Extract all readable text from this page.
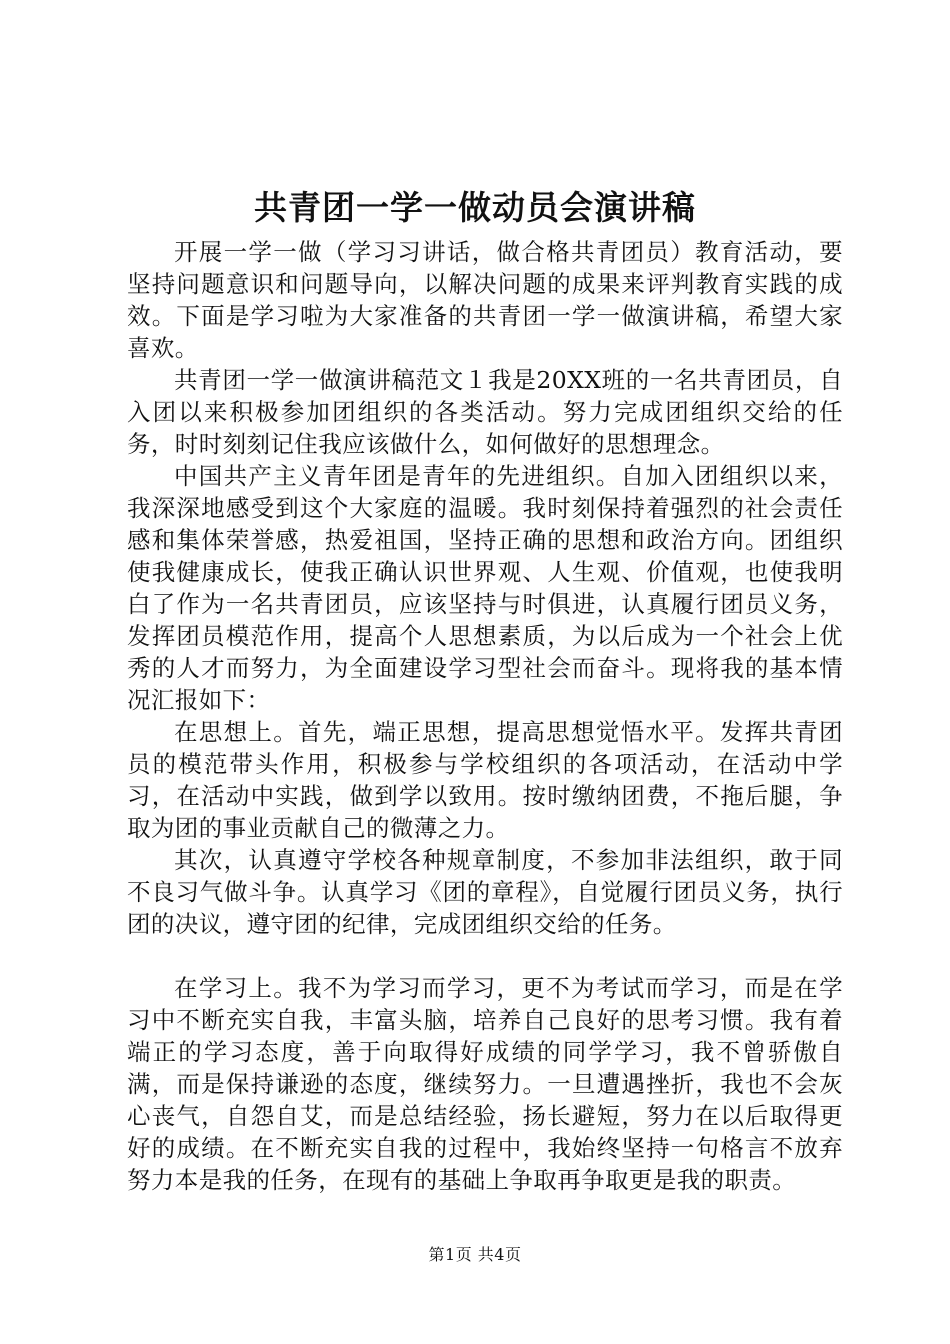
共青团一学一做动员会演讲稿

开展一学一做（学习习讲话，做合格共青团员）教育活动，要坚持问题意识和问题导向，以解决问题的成果来评判教育实践的成效。下面是学习啦为大家准备的共青团一学一做演讲稿，希望大家喜欢。

共青团一学一做演讲稿范文１我是20XX班的一名共青团员，自入团以来积极参加团组织的各类活动。努力完成团组织交给的任务，时时刻刻记住我应该做什么，如何做好的思想理念。

中国共产主义青年团是青年的先进组织。自加入团组织以来，我深深地感受到这个大家庭的温暖。我时刻保持着强烈的社会责任感和集体荣誉感，热爱祖国，坚持正确的思想和政治方向。团组织使我健康成长，使我正确认识世界观、人生观、价值观，也使我明白了作为一名共青团员，应该坚持与时俱进，认真履行团员义务，发挥团员模范作用，提高个人思想素质，为以后成为一个社会上优秀的人才而努力，为全面建设学习型社会而奋斗。现将我的基本情况汇报如下：

在思想上。首先，端正思想，提高思想觉悟水平。发挥共青团员的模范带头作用，积极参与学校组织的各项活动，在活动中学习，在活动中实践，做到学以致用。按时缴纳团费，不拖后腿，争取为团的事业贡献自己的微薄之力。

其次，认真遵守学校各种规章制度，不参加非法组织，敢于同不良习气做斗争。认真学习《团的章程》，自觉履行团员义务，执行团的决议，遵守团的纪律，完成团组织交给的任务。

在学习上。我不为学习而学习，更不为考试而学习，而是在学习中不断充实自我，丰富头脑，培养自己良好的思考习惯。我有着端正的学习态度，善于向取得好成绩的同学学习，我不曾骄傲自满，而是保持谦逊的态度，继续努力。一旦遭遇挫折，我也不会灰心丧气，自怨自艾，而是总结经验，扬长避短，努力在以后取得更好的成绩。在不断充实自我的过程中，我始终坚持一句格言不放弃努力本是我的任务，在现有的基础上争取再争取更是我的职责。

第1页 共4页
